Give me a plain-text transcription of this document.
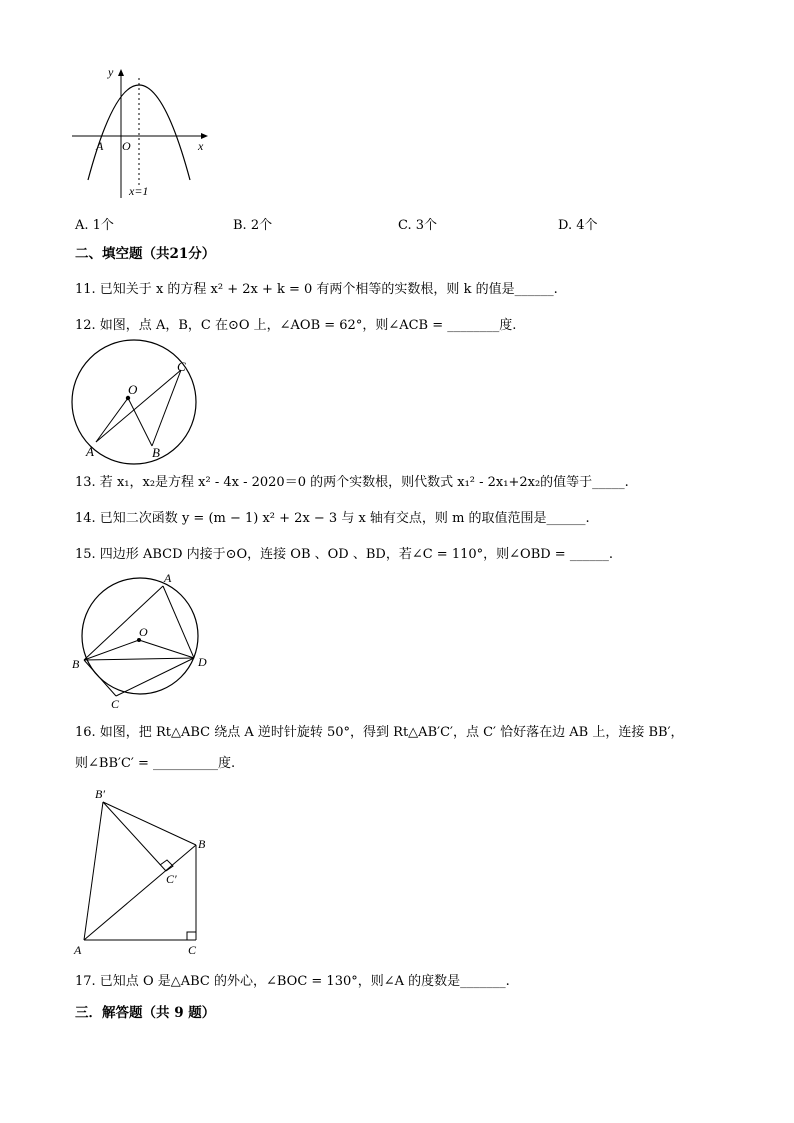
y
x
A O
x=1
A. 1个	B. 2个	C. 3个	D. 4个
二、填空题（共21分）
11. 已知关于 x 的方程 x² + 2x + k = 0 有两个相等的实数根，则 k 的值是______.
12. 如图，点 A，B，C 在⊙O 上，∠AOB = 62°，则∠ACB = ________度.
O
A	B
C
13. 若 x₁，x₂是方程 x² - 4x - 2020＝0 的两个实数根，则代数式 x₁² - 2x₁+2x₂的值等于_____.
14. 已知二次函数 y = (m − 1) x² + 2x − 3 与 x 轴有交点，则 m 的取值范围是______.
15. 四边形 ABCD 内接于⊙O，连接 OB 、OD 、BD，若∠C = 110°，则∠OBD = ______.
A
O
B	D
C
16. 如图，把 Rt△ABC 绕点 A 逆时针旋转 50°，得到 Rt△AB′C′，点 C′ 恰好落在边 AB 上，连接 BB′，
则∠BB′C′ = __________度.
B′
B
C′
A	C
17. 已知点 O 是△ABC 的外心，∠BOC = 130°，则∠A 的度数是_______.
三．解答题（共 9 题）
